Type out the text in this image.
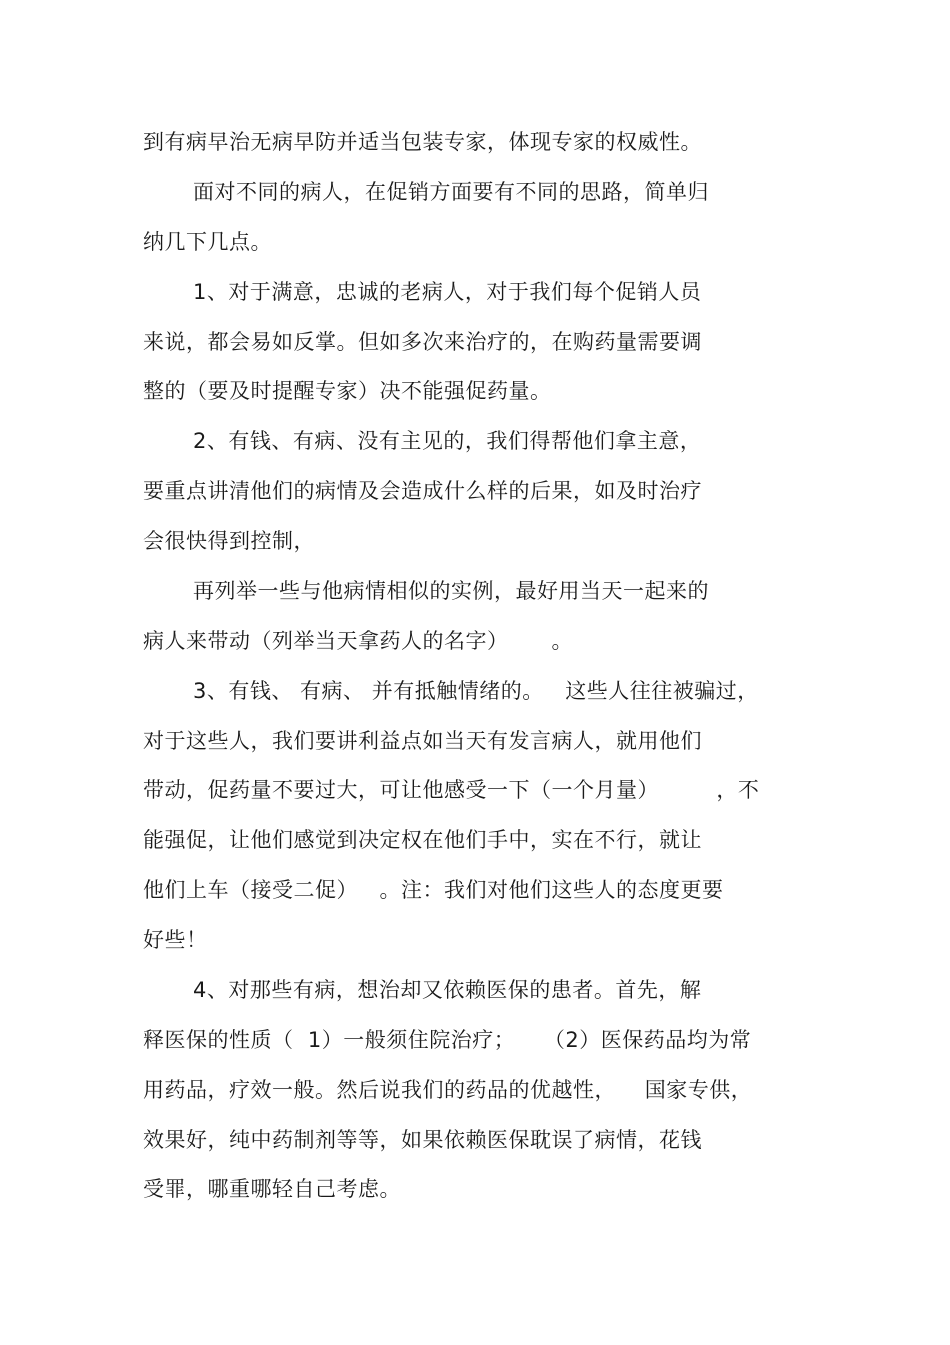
到有病早治无病早防并适当包装专家，体现专家的权威性。
面对不同的病人，在促销方面要有不同的思路，简单归
纳几下几点。
1、对于满意，忠诚的老病人，对于我们每个促销人员
来说，都会易如反掌。但如多次来治疗的，在购药量需要调
整的（要及时提醒专家）决不能强促药量。
2、有钱、有病、没有主见的，我们得帮他们拿主意，
要重点讲清他们的病情及会造成什么样的后果，如及时治疗
会很快得到控制，
再列举一些与他病情相似的实例，最好用当天一起来的
病人来带动（列举当天拿药人的名字）      。
3、有钱、 有病、 并有抵触情绪的。   这些人往往被骗过，
对于这些人，我们要讲利益点如当天有发言病人，就用他们
带动，促药量不要过大，可让他感受一下（一个月量）        ，不
能强促，让他们感觉到决定权在他们手中，实在不行，就让
他们上车（接受二促）   。注：我们对他们这些人的态度更要
好些！
4、对那些有病，想治却又依赖医保的患者。首先，解
释医保的性质（  1）一般须住院治疗；    （2）医保药品均为常
用药品，疗效一般。然后说我们的药品的优越性，    国家专供，
效果好，纯中药制剂等等，如果依赖医保耽误了病情，花钱
受罪，哪重哪轻自己考虑。
